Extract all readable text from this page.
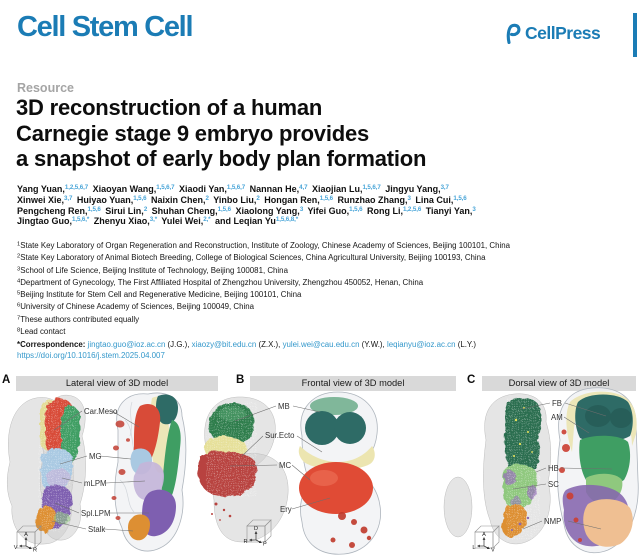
Cell Stem Cell	CellPress
Resource
3D reconstruction of a human
Carnegie stage 9 embryo provides
a snapshot of early body plan formation
Yang Yuan,$^{1,2,5,6,7}$ Xiaoyan Wang,$^{1,5,6,7}$ Xiaodi Yan,$^{1,5,6,7}$ Nannan He,$^{4,7}$ Xiaojian Lu,$^{1,5,6,7}$ Jingyu Yang,$^{3,7}$
Xinwei Xie,$^{3,7}$ Huiyao Yuan,$^{1,5,6}$ Naixin Chen,$^2$ Yinbo Liu,$^2$ Hongan Ren,$^{1,5,6}$ Runzhao Zhang,$^3$ Lina Cui,$^{1,5,6}$
Pengcheng Ren,$^{1,5,6}$ Sirui Lin,$^2$ Shuhan Cheng,$^{1,5,6}$ Xiaolong Yang,$^3$ Yifei Guo,$^{1,5,6}$ Rong Li,$^{1,2,5,6}$ Tianyi Yan,$^3$
Jingtao Guo,$^{1,5,6,*}$ Zhenyu Xiao,$^{3,*}$ Yulei Wei,$^{2,*}$ and Leqian $Yu^{1,5,6,8,*}$
$^1$State Key Laboratory of Organ Regeneration and Reconstruction, Institute of Zoology, Chinese Academy of Sciences, Beijing 100101, China
$^2$State Key Laboratory of Animal Biotech Breeding, College of Biological Sciences, China Agricultural University, Beijing 100193, China
$^3$School of Life Science, Beijing Institute of Technology, Beijing 100081, China
$^4$Department of Gynecology, The First Affiliated Hospital of Zhengzhou University, Zhengzhou 450052, Henan, China
$^5$Beijing Institute for Stem Cell and Regenerative Medicine, Beijing 100101, China
$^6$University of Chinese Academy of Sciences, Beijing 100049, China
$^7$These authors contributed equally
$^8$Lead contact
*Correspondence: jingtao.guo@ioz.ac.cn (J.G.), xiaozy@bit.edu.cn (Z.X.), yulei.wei@cau.edu.cn (Y.W.), leqianyu@ioz.ac.cn (L.Y.)
https://doi.org/10.1016/j.stem.2025.04.007
A	Lateral view of 3D model	B	Frontal view of 3D model	C	Dorsal view of 3D model
Car.Meso
MG
mLPM
Spl.LPM
Stalk
A
V	R
MB
Sur.Ecto
MC
Ery
D
R	P
FB
AM
HB
SC
NMP
A
L	V
